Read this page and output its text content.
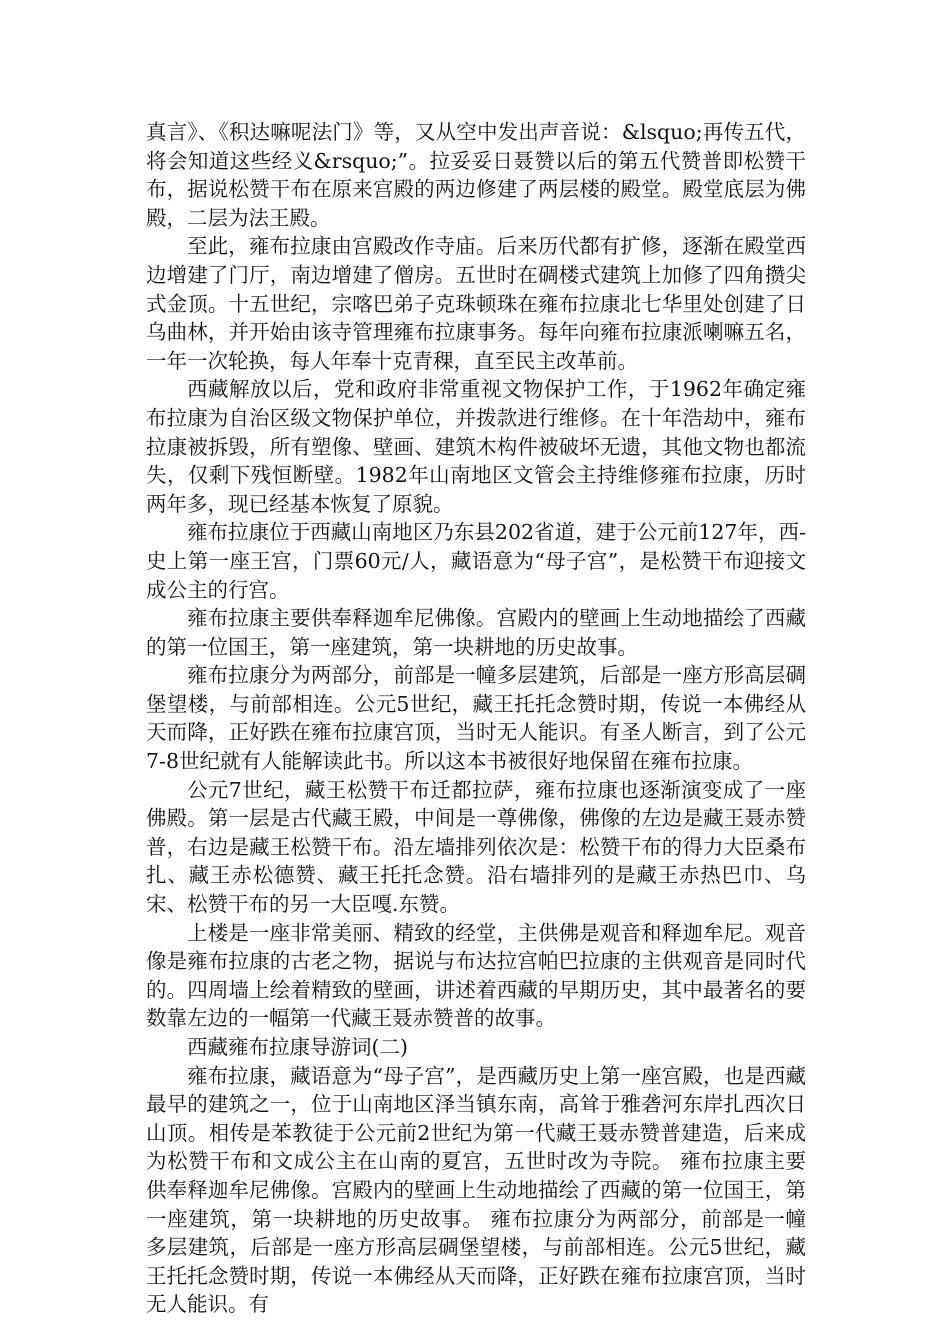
真言》、《积达嘛呢法门》等，又从空中发出声音说：&lsquo;再传五代，将会知道这些经义&rsquo;”。拉妥妥日聂赞以后的第五代赞普即松赞干布，据说松赞干布在原来宫殿的两边修建了两层楼的殿堂。殿堂底层为佛殿，二层为法王殿。

至此，雍布拉康由宫殿改作寺庙。后来历代都有扩修，逐渐在殿堂西边增建了门厅，南边增建了僧房。五世时在碉楼式建筑上加修了四角攒尖式金顶。十五世纪，宗喀巴弟子克珠顿珠在雍布拉康北七华里处创建了日乌曲林，并开始由该寺管理雍布拉康事务。每年向雍布拉康派喇嘛五名，一年一次轮换，每人年奉十克青稞，直至民主改革前。

西藏解放以后，党和政府非常重视文物保护工作，于1962年确定雍布拉康为自治区级文物保护单位，并拨款进行维修。在十年浩劫中，雍布拉康被拆毁，所有塑像、壁画、建筑木构件被破坏无遗，其他文物也都流失，仅剩下残恒断壁。1982年山南地区文管会主持维修雍布拉康，历时两年多，现已经基本恢复了原貌。

雍布拉康位于西藏山南地区乃东县202省道，建于公元前127年，西-史上第一座王宫，门票60元/人，藏语意为“母子宫”，是松赞干布迎接文成公主的行宫。

雍布拉康主要供奉释迦牟尼佛像。宫殿内的壁画上生动地描绘了西藏的第一位国王，第一座建筑，第一块耕地的历史故事。

雍布拉康分为两部分，前部是一幢多层建筑，后部是一座方形高层碉堡望楼，与前部相连。公元5世纪，藏王托托念赞时期，传说一本佛经从天而降，正好跌在雍布拉康宫顶，当时无人能识。有圣人断言，到了公元7-8世纪就有人能解读此书。所以这本书被很好地保留在雍布拉康。

公元7世纪，藏王松赞干布迁都拉萨，雍布拉康也逐渐演变成了一座佛殿。第一层是古代藏王殿，中间是一尊佛像，佛像的左边是藏王聂赤赞普，右边是藏王松赞干布。沿左墙排列依次是：松赞干布的得力大臣桑布扎、藏王赤松德赞、藏王托托念赞。沿右墙排列的是藏王赤热巴巾、乌宋、松赞干布的另一大臣嘎.东赞。

上楼是一座非常美丽、精致的经堂，主供佛是观音和释迦牟尼。观音像是雍布拉康的古老之物，据说与布达拉宫帕巴拉康的主供观音是同时代的。四周墙上绘着精致的壁画，讲述着西藏的早期历史，其中最著名的要数靠左边的一幅第一代藏王聂赤赞普的故事。

西藏雍布拉康导游词(二)

雍布拉康，藏语意为“母子宫”，是西藏历史上第一座宫殿，也是西藏最早的建筑之一，位于山南地区泽当镇东南，高耸于雅砻河东岸扎西次日山顶。相传是苯教徒于公元前2世纪为第一代藏王聂赤赞普建造，后来成为松赞干布和文成公主在山南的夏宫，五世时改为寺院。 雍布拉康主要供奉释迦牟尼佛像。宫殿内的壁画上生动地描绘了西藏的第一位国王，第一座建筑，第一块耕地的历史故事。 雍布拉康分为两部分，前部是一幢多层建筑，后部是一座方形高层碉堡望楼，与前部相连。公元5世纪，藏王托托念赞时期，传说一本佛经从天而降，正好跌在雍布拉康宫顶，当时无人能识。有
